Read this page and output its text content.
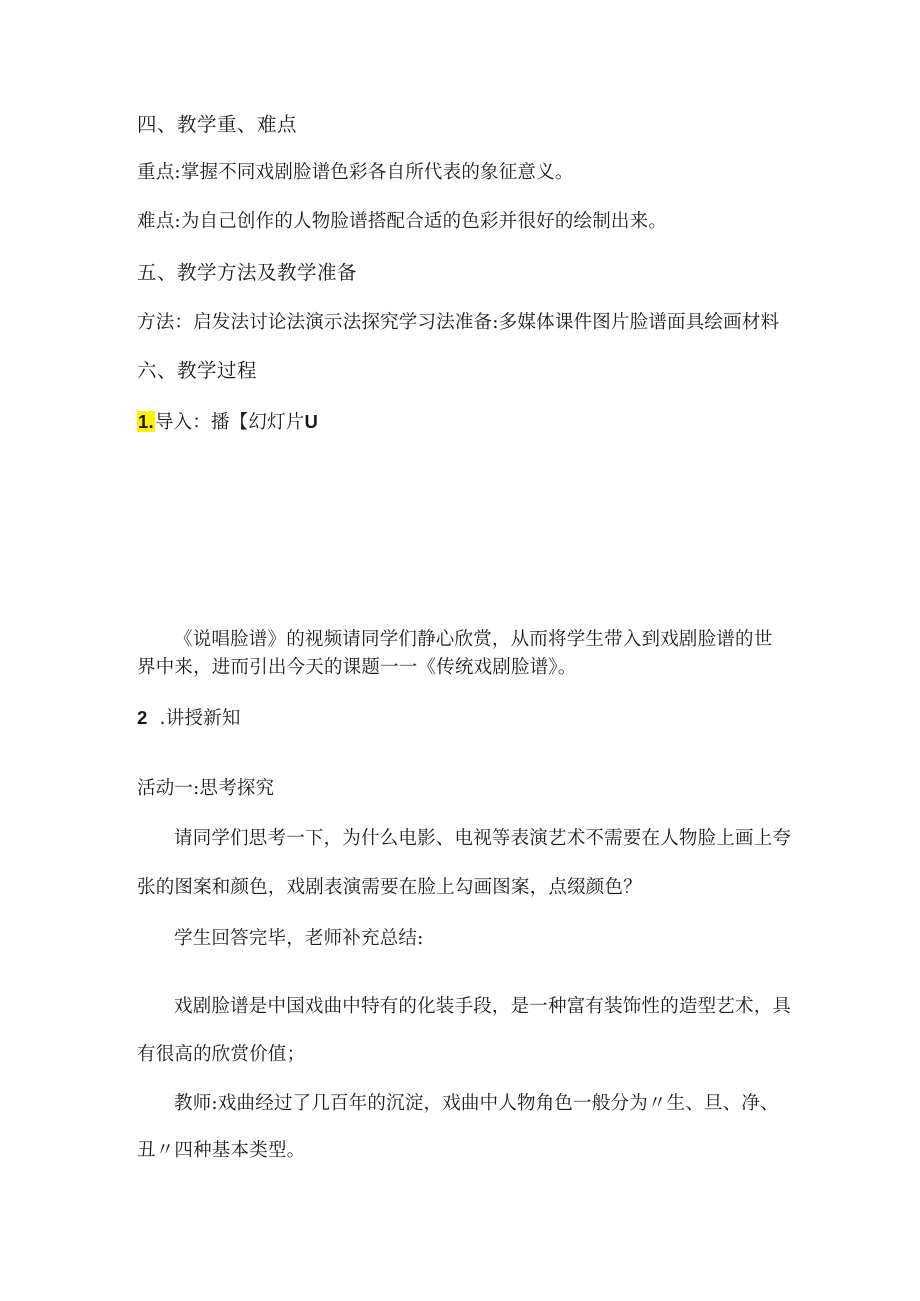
四、教学重、难点

重点:掌握不同戏剧脸谱色彩各自所代表的象征意义。

难点:为自己创作的人物脸谱搭配合适的色彩并很好的绘制出来。

五、教学方法及教学准备

方法：启发法讨论法演示法探究学习法准备:多媒体课件图片脸谱面具绘画材料

六、教学过程

1.导入：播【幻灯片U

《说唱脸谱》的视频请同学们静心欣赏，从而将学生带入到戏剧脸谱的世

界中来，进而引出今天的课题一一《传统戏剧脸谱》。

2 .讲授新知

活动一:思考探究

请同学们思考一下，为什么电影、电视等表演艺术不需要在人物脸上画上夸

张的图案和颜色，戏剧表演需要在脸上勾画图案，点缀颜色？

学生回答完毕，老师补充总结:

戏剧脸谱是中国戏曲中特有的化装手段，是一种富有装饰性的造型艺术，具

有很高的欣赏价值；

教师:戏曲经过了几百年的沉淀，戏曲中人物角色一般分为〃生、旦、净、

丑〃四种基本类型。
